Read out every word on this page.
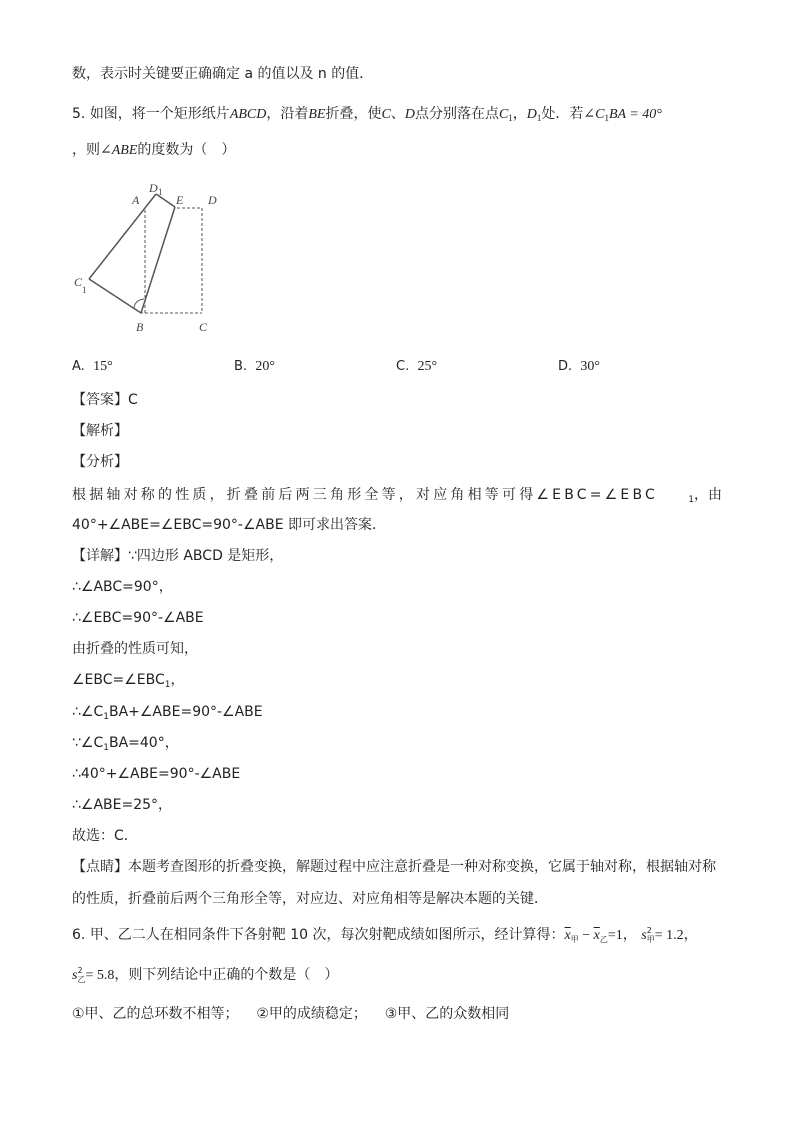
数，表示时关键要正确确定 a 的值以及 n 的值．
5. 如图，将一个矩形纸片ABCD，沿着BE折叠，使C、D点分别落在点$C_1$，$D_1$处．若$\angle C_1BA = 40^\circ$
，则∠ABE的度数为（　）
A
D 1
E D
C
1
B	C
A. 15°	B. 20°	C. 25°	D. 30°
【答案】C
【解析】
【分析】
根据轴对称的性质，折叠前后两三角形全等，对应角相等可得∠EBC=∠EBC	$_1$，由
40°+∠ABE=∠EBC=90°-∠ABE 即可求出答案．
【详解】∵四边形 ABCD 是矩形，
∴∠ABC=90°，
∴∠EBC=90°-∠ABE
由折叠的性质可知，
$\angle EBC=\angle EBC_1$，
$\therefore\angle C_1BA+\angle ABE=90^\circ-\angle ABE$
$\because\angle C_1BA=40^\circ$，
∴40°+∠ABE=90°-∠ABE
∴∠ABE=25°，
故选：C．
【点睛】本题考查图形的折叠变换，解题过程中应注意折叠是一种对称变换，它属于轴对称，根据轴对称
的性质，折叠前后两个三角形全等，对应边、对应角相等是解决本题的关键．
6. 甲、乙二人在相同条件下各射靶 10 次，每次射靶成绩如图所示，经计算得：$\overline{x}_甲 - \overline{x}_乙=1$， s 2
甲 = 1.2，
s 2
乙 = 5.8，则下列结论中正确的个数是（　）
①甲、乙的总环数不相等； ②甲的成绩稳定； ③甲、乙的众数相同
